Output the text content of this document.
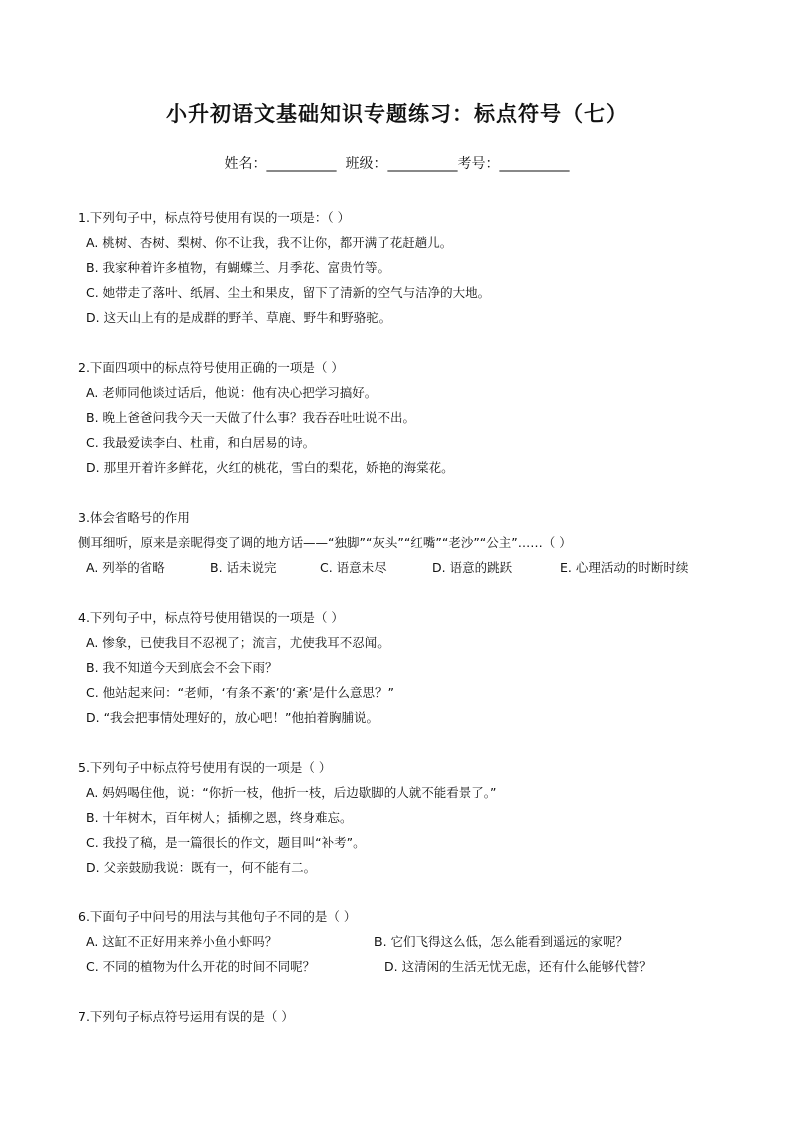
小升初语文基础知识专题练习：标点符号（七）
姓名：__________  班级：__________考号：__________
1.下列句子中，标点符号使用有误的一项是：（ ）
A. 桃树、杏树、梨树、你不让我，我不让你，都开满了花赶趟儿。
B. 我家种着许多植物，有蝴蝶兰、月季花、富贵竹等。
C. 她带走了落叶、纸屑、尘土和果皮，留下了清新的空气与洁净的大地。
D. 这天山上有的是成群的野羊、草鹿、野牛和野骆驼。
2.下面四项中的标点符号使用正确的一项是（ ）
A. 老师同他谈过话后，他说：他有决心把学习搞好。
B. 晚上爸爸问我今天一天做了什么事？我吞吞吐吐说不出。
C. 我最爱读李白、杜甫，和白居易的诗。
D. 那里开着许多鲜花，火红的桃花，雪白的梨花，娇艳的海棠花。
3.体会省略号的作用
侧耳细听，原来是亲昵得变了调的地方话——“独脚”“灰头”“红嘴”“老沙”“公主”……（ ）
A. 列举的省略	B. 话未说完	C. 语意未尽	D. 语意的跳跃	E. 心理活动的时断时续
4.下列句子中，标点符号使用错误的一项是（ ）
A. 惨象，已使我目不忍视了；流言，尤使我耳不忍闻。
B. 我不知道今天到底会不会下雨？
C. 他站起来问：“老师，‘有条不紊’的‘紊’是什么意思？”
D. “我会把事情处理好的，放心吧！”他拍着胸脯说。
5.下列句子中标点符号使用有误的一项是（ ）
A. 妈妈喝住他，说：“你折一枝，他折一枝，后边歇脚的人就不能看景了。”
B. 十年树木，百年树人；插柳之恩，终身难忘。
C. 我投了稿，是一篇很长的作文，题目叫“补考”。
D. 父亲鼓励我说：既有一，何不能有二。
6.下面句子中问号的用法与其他句子不同的是（ ）
A. 这缸不正好用来养小鱼小虾吗？	B. 它们飞得这么低，怎么能看到遥远的家呢？
C. 不同的植物为什么开花的时间不同呢？	D. 这清闲的生活无忧无虑，还有什么能够代替？
7.下列句子标点符号运用有误的是（ ）
